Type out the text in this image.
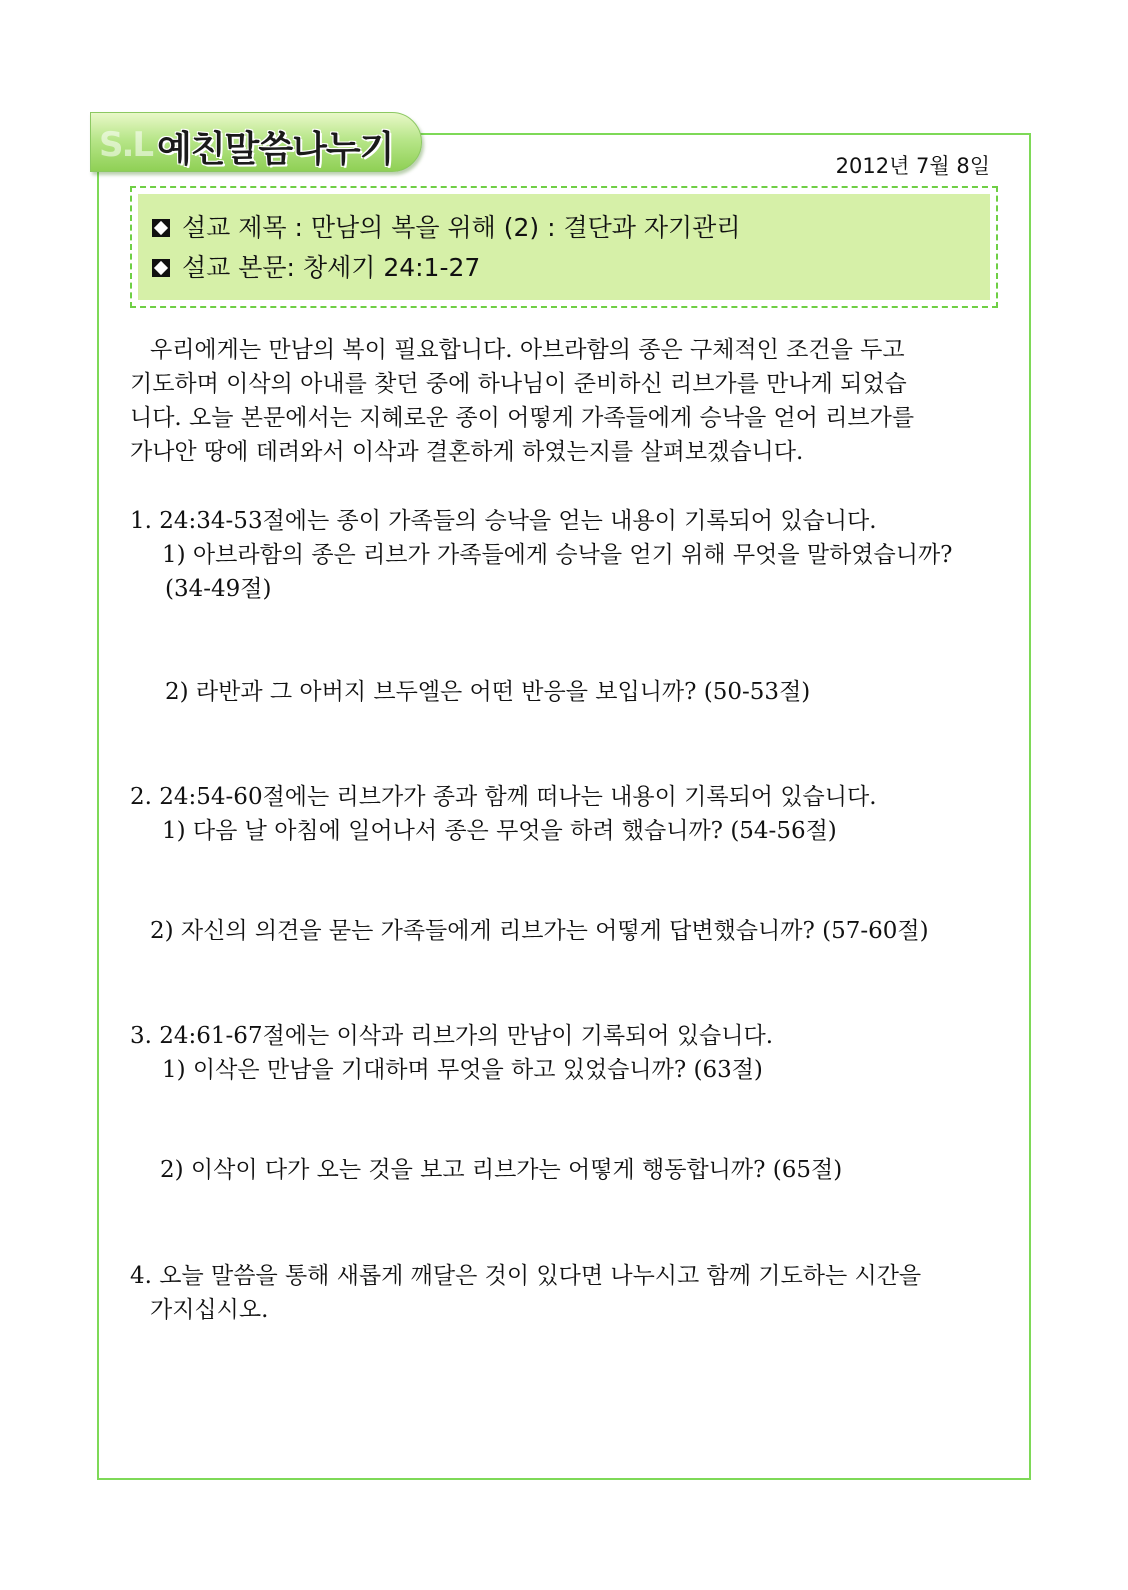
S.L 예친말씀나누기	2012년 7월 8일
설교 제목 : 만남의 복을 위해 (2) : 결단과 자기관리
설교 본문: 창세기 24:1-27
우리에게는 만남의 복이 필요합니다. 아브라함의 종은 구체적인 조건을 두고
기도하며 이삭의 아내를 찾던 중에 하나님이 준비하신 리브가를 만나게 되었습
니다. 오늘 본문에서는 지혜로운 종이 어떻게 가족들에게 승낙을 얻어 리브가를
가나안 땅에 데려와서 이삭과 결혼하게 하였는지를 살펴보겠습니다.
1. 24:34-53절에는 종이 가족들의 승낙을 얻는 내용이 기록되어 있습니다.
1) 아브라함의 종은 리브가 가족들에게 승낙을 얻기 위해 무엇을 말하였습니까?
(34-49절)
2) 라반과 그 아버지 브두엘은 어떤 반응을 보입니까? (50-53절)
2. 24:54-60절에는 리브가가 종과 함께 떠나는 내용이 기록되어 있습니다.
1) 다음 날 아침에 일어나서 종은 무엇을 하려 했습니까? (54-56절)
2) 자신의 의견을 묻는 가족들에게 리브가는 어떻게 답변했습니까? (57-60절)
3. 24:61-67절에는 이삭과 리브가의 만남이 기록되어 있습니다.
1) 이삭은 만남을 기대하며 무엇을 하고 있었습니까? (63절)
2) 이삭이 다가 오는 것을 보고 리브가는 어떻게 행동합니까? (65절)
4. 오늘 말씀을 통해 새롭게 깨달은 것이 있다면 나누시고 함께 기도하는 시간을
가지십시오.
